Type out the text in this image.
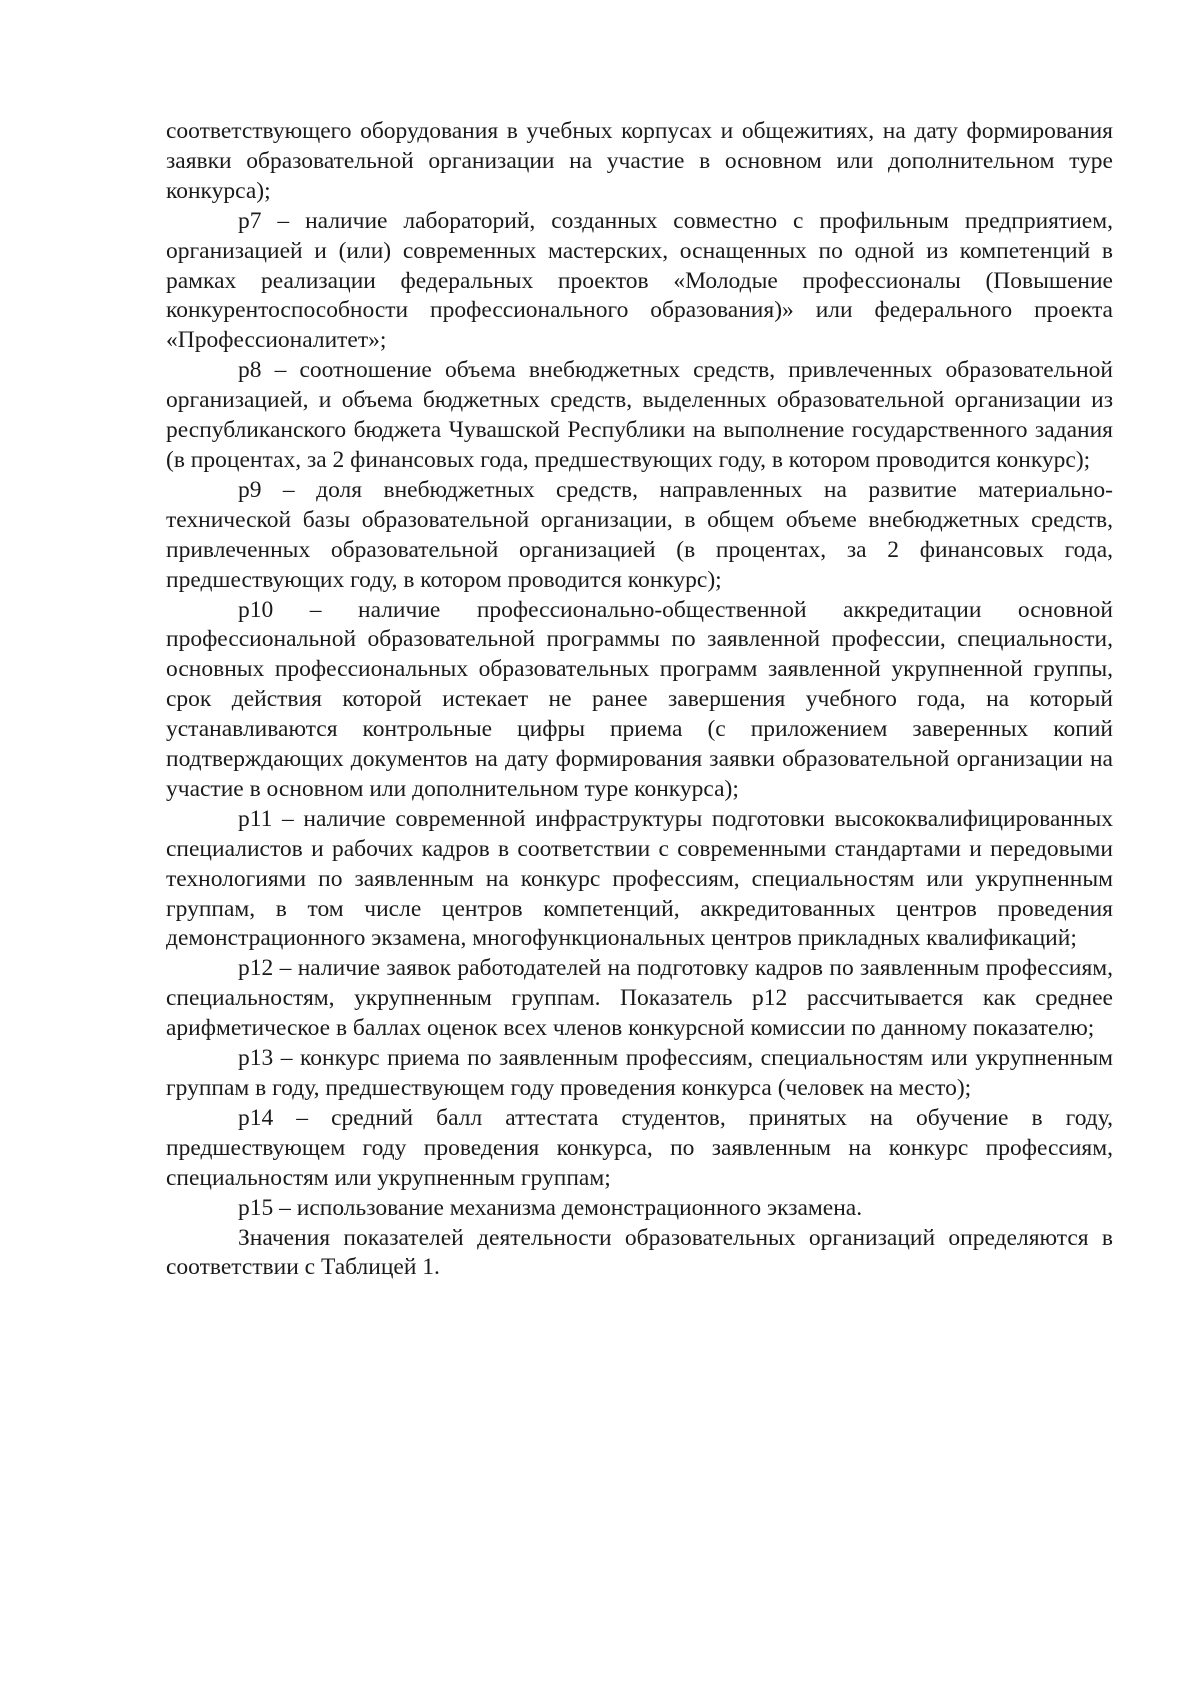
соответствующего оборудования в учебных корпусах и общежитиях, на дату формирования заявки образовательной организации на участие в основном или дополнительном туре конкурса);

p7 – наличие лабораторий, созданных совместно с профильным предприятием, организацией и (или) современных мастерских, оснащенных по одной из компетенций в рамках реализации федеральных проектов «Молодые профессионалы (Повышение конкурентоспособности профессионального образования)» или федерального проекта «Профессионалитет»;

p8 – соотношение объема внебюджетных средств, привлеченных образовательной организацией, и объема бюджетных средств, выделенных образовательной организации из республиканского бюджета Чувашской Республики на выполнение государственного задания (в процентах, за 2 финансовых года, предшествующих году, в котором проводится конкурс);

p9 – доля внебюджетных средств, направленных на развитие материально-технической базы образовательной организации, в общем объеме внебюджетных средств, привлеченных образовательной организацией (в процентах, за 2 финансовых года, предшествующих году, в котором проводится конкурс);

p10 – наличие профессионально-общественной аккредитации основной профессиональной образовательной программы по заявленной профессии, специальности, основных профессиональных образовательных программ заявленной укрупненной группы, срок действия которой истекает не ранее завершения учебного года, на который устанавливаются контрольные цифры приема (с приложением заверенных копий подтверждающих документов на дату формирования заявки образовательной организации на участие в основном или дополнительном туре конкурса);

p11 – наличие современной инфраструктуры подготовки высококвалифицированных специалистов и рабочих кадров в соответствии с современными стандартами и передовыми технологиями по заявленным на конкурс профессиям, специальностям или укрупненным группам, в том числе центров компетенций, аккредитованных центров проведения демонстрационного экзамена, многофункциональных центров прикладных квалификаций;

p12 – наличие заявок работодателей на подготовку кадров по заявленным профессиям, специальностям, укрупненным группам. Показатель p12 рассчитывается как среднее арифметическое в баллах оценок всех членов конкурсной комиссии по данному показателю;

p13 – конкурс приема по заявленным профессиям, специальностям или укрупненным группам в году, предшествующем году проведения конкурса (человек на место);

p14 – средний балл аттестата студентов, принятых на обучение в году, предшествующем году проведения конкурса, по заявленным на конкурс профессиям, специальностям или укрупненным группам;

p15 – использование механизма демонстрационного экзамена.

Значения показателей деятельности образовательных организаций определяются в соответствии с Таблицей 1.
